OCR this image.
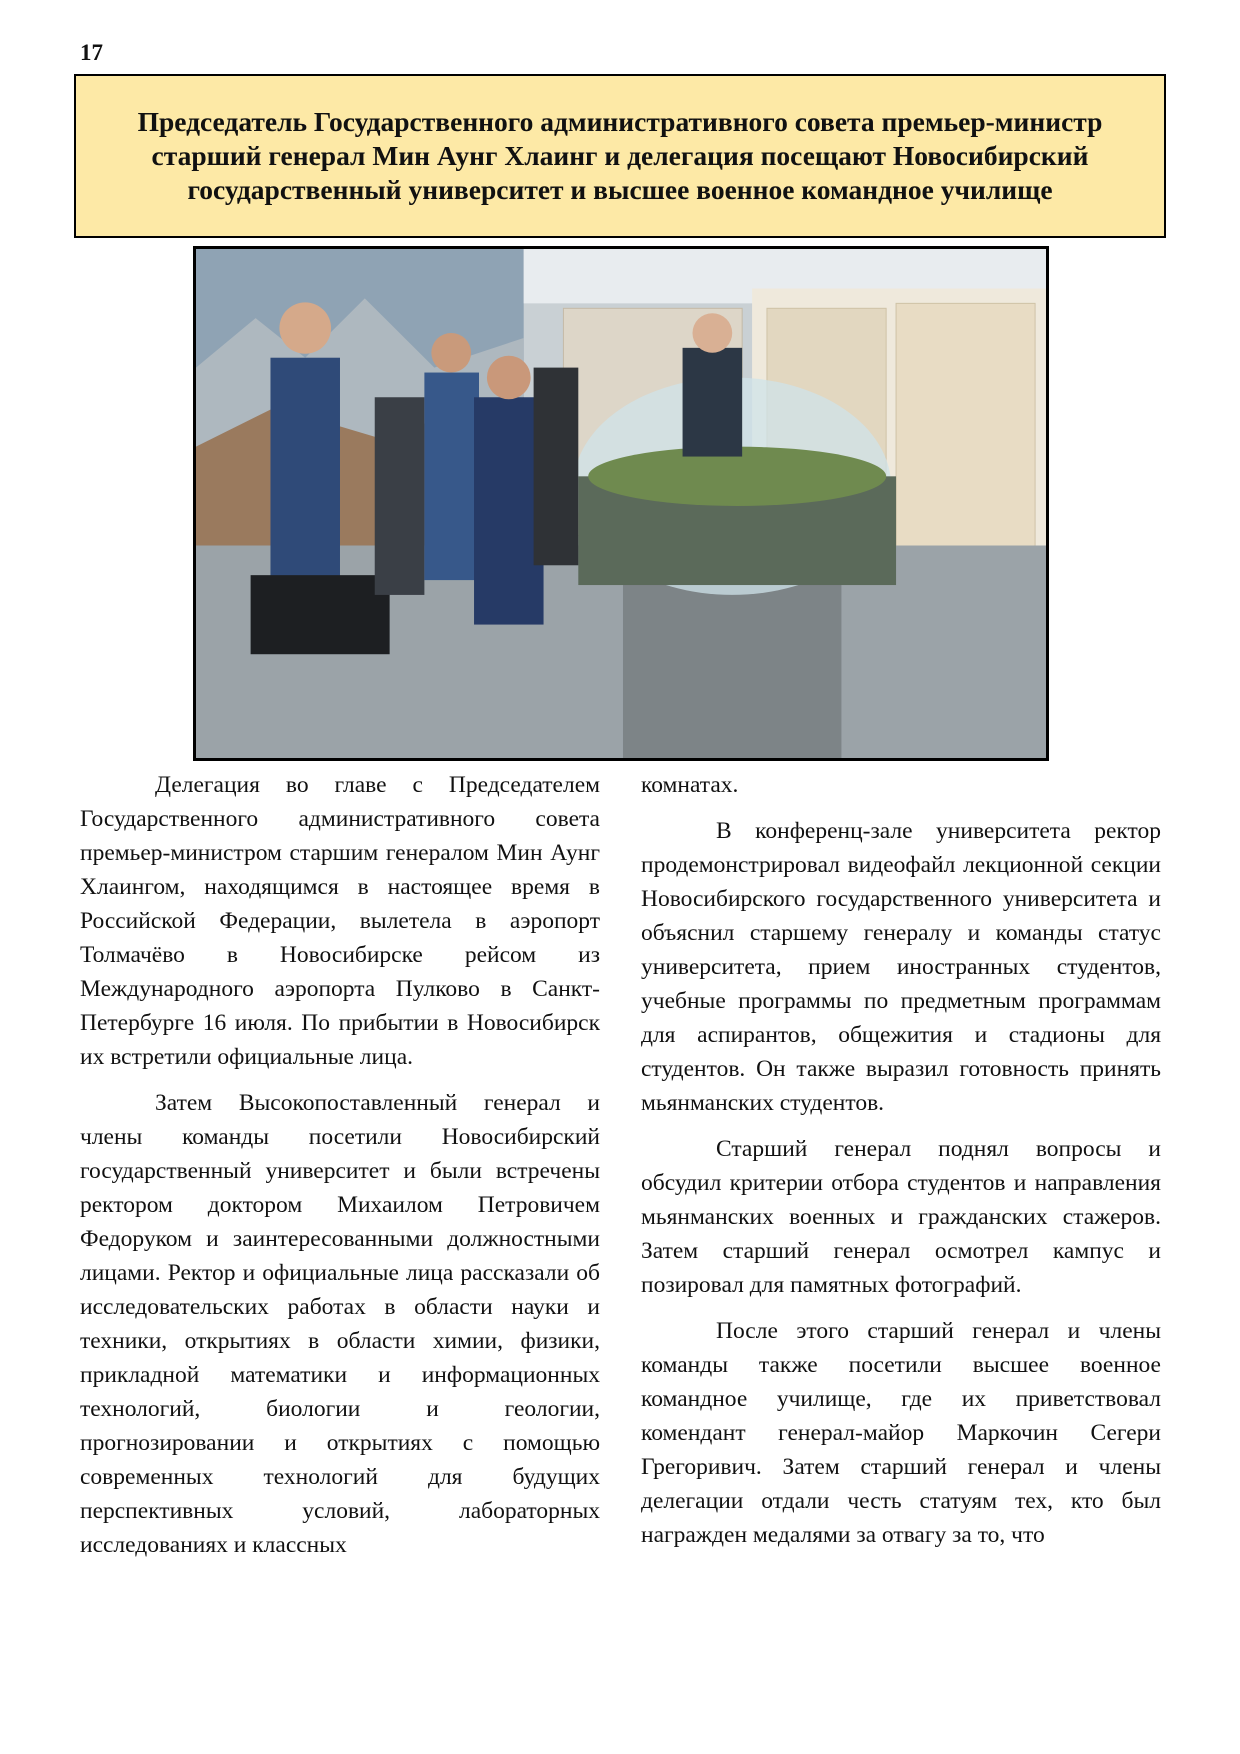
17
Председатель Государственного административного совета премьер-министр старший генерал Мин Аунг Хлаинг и делегация посещают Новосибирский государственный университет и высшее военное командное училище

Делегация во главе с Председателем Государственного административного совета премьер-министром старшим генералом Мин Аунг Хлаингом, находящимся в настоящее время в Российской Федерации, вылетела в аэропорт Толмачёво в Новосибирске рейсом из Международного аэропорта Пулково в Санкт-Петербурге 16 июля. По прибытии в Новосибирск их встретили официальные лица.

Затем Высокопоставленный генерал и члены команды посетили Новосибирский государственный университет и были встречены ректором доктором Михаилом Петровичем Федоруком и заинтересованными должностными лицами. Ректор и официальные лица рассказали об исследовательских работах в области науки и техники, открытиях в области химии, физики, прикладной математики и информационных технологий, биологии и геологии, прогнозировании и открытиях с помощью современных технологий для будущих перспективных условий, лабораторных исследованиях и классных

комнатах.

В конференц-зале университета ректор продемонстрировал видеофайл лекционной секции Новосибирского государственного университета и объяснил старшему генералу и команды статус университета, прием иностранных студентов, учебные программы по предметным программам для аспирантов, общежития и стадионы для студентов. Он также выразил готовность принять мьянманских студентов.

Старший генерал поднял вопросы и обсудил критерии отбора студентов и направления мьянманских военных и гражданских стажеров. Затем старший генерал осмотрел кампус и позировал для памятных фотографий.

После этого старший генерал и члены команды также посетили высшее военное командное училище, где их приветствовал комендант генерал-майор Маркочин Сегери Грегоривич. Затем старший генерал и члены делегации отдали честь статуям тех, кто был награжден медалями за отвагу за то, что
